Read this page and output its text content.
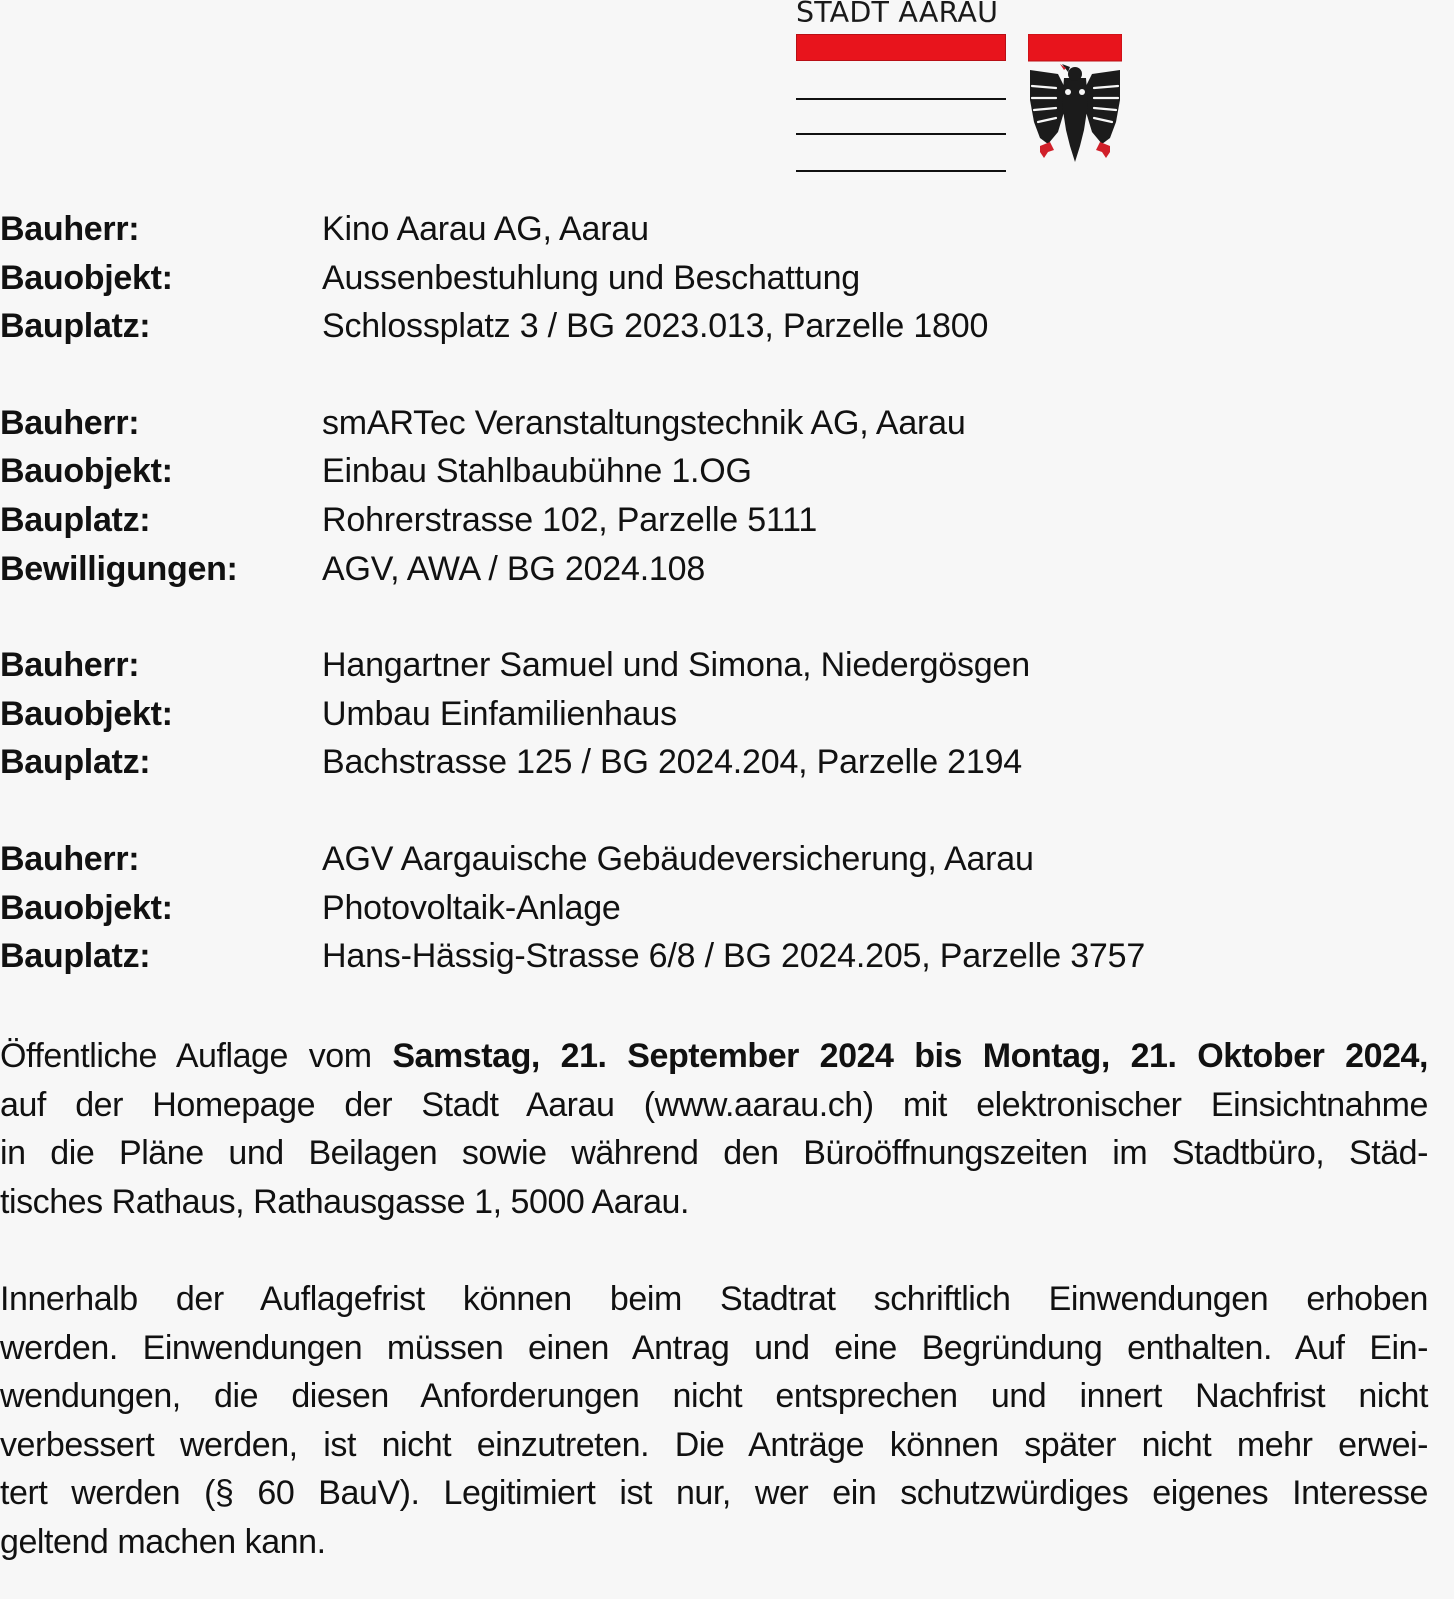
STADT AARAU
Bauherr:	Kino Aarau AG, Aarau
Bauobjekt:	Aussenbestuhlung und Beschattung
Bauplatz:	Schlossplatz 3 / BG 2023.013, Parzelle 1800
Bauherr:	smARTec Veranstaltungstechnik AG, Aarau
Bauobjekt:	Einbau Stahlbaubühne 1.OG
Bauplatz:	Rohrerstrasse 102, Parzelle 5111
Bewilligungen:	AGV, AWA / BG 2024.108
Bauherr:	Hangartner Samuel und Simona, Niedergösgen
Bauobjekt:	Umbau Einfamilienhaus
Bauplatz:	Bachstrasse 125 / BG 2024.204, Parzelle 2194
Bauherr:	AGV Aargauische Gebäudeversicherung, Aarau
Bauobjekt:	Photovoltaik-Anlage
Bauplatz:	Hans-Hässig-Strasse 6/8 / BG 2024.205, Parzelle 3757
Öffentliche Auflage vom Samstag, 21. September 2024 bis Montag, 21. Oktober 2024,
auf der Homepage der Stadt Aarau (www.aarau.ch) mit elektronischer Einsichtnahme
in die Pläne und Beilagen sowie während den Büroöffnungszeiten im Stadtbüro, Städ-
tisches Rathaus, Rathausgasse 1, 5000 Aarau.
Innerhalb der Auflagefrist können beim Stadtrat schriftlich Einwendungen erhoben
werden. Einwendungen müssen einen Antrag und eine Begründung enthalten. Auf Ein-
wendungen, die diesen Anforderungen nicht entsprechen und innert Nachfrist nicht
verbessert werden, ist nicht einzutreten. Die Anträge können später nicht mehr erwei-
tert werden (§ 60 BauV). Legitimiert ist nur, wer ein schutzwürdiges eigenes Interesse
geltend machen kann.
